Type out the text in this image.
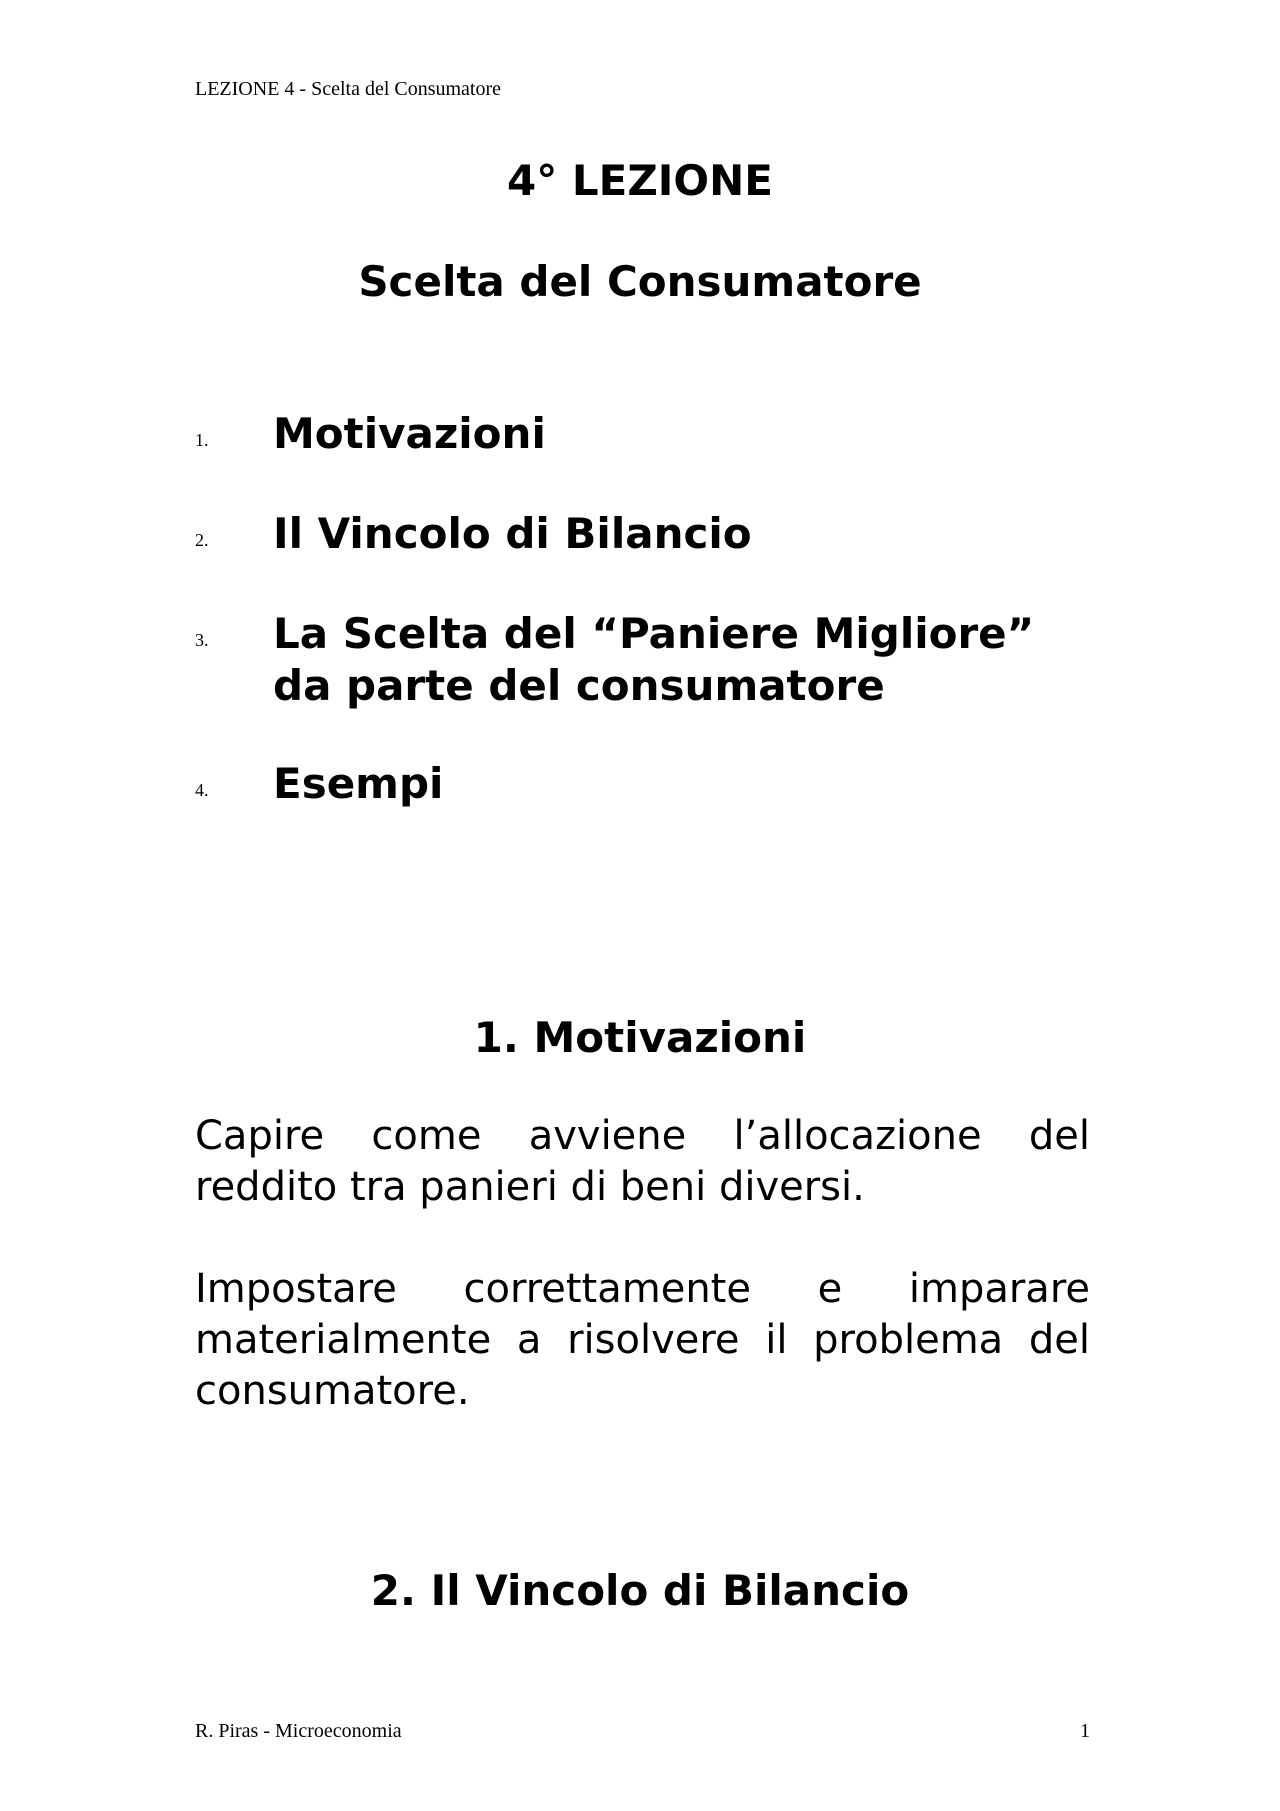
LEZIONE 4 - Scelta del Consumatore
4° LEZIONE
Scelta del Consumatore
1. Motivazioni
2. Il Vincolo di Bilancio
3. La Scelta del “Paniere Migliore” da parte del consumatore
4. Esempi
1. Motivazioni
Capire come avviene l’allocazione del reddito tra panieri di beni diversi.
Impostare correttamente e imparare materialmente a risolvere il problema del consumatore.
2. Il Vincolo di Bilancio
R. Piras - Microeconomia	1
